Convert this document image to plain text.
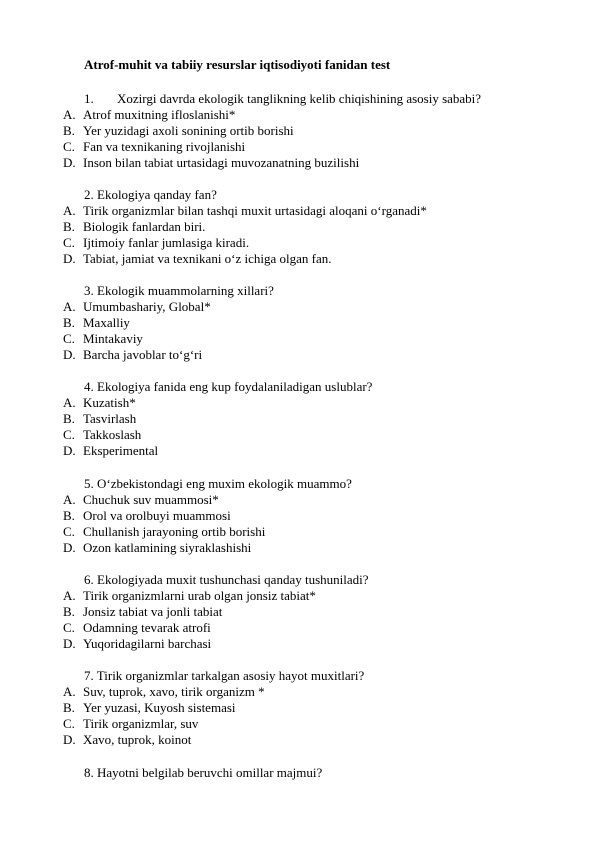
Atrof-muhit va tabiiy resurslar iqtisodiyoti fanidan test
1. Xozirgi davrda ekologik tanglikning kelib chiqishining asosiy sababi?
A. Atrof muxitning ifloslanishi*
B. Yer yuzidagi axoli sonining ortib borishi
C. Fan va texnikaning rivojlanishi
D. Inson bilan tabiat urtasidagi muvozanatning buzilishi
2. Ekologiya qanday fan?
A. Tirik organizmlar bilan tashqi muxit urtasidagi aloqani o‘rganadi*
B. Biologik fanlardan biri.
C. Ijtimoiy fanlar jumlasiga kiradi.
D. Tabiat, jamiat va texnikani o‘z ichiga olgan fan.
3. Ekologik muammolarning xillari?
A. Umumbashariy, Global*
B. Maxalliy
C. Mintakaviy
D. Barcha javoblar to‘g‘ri
4. Ekologiya fanida eng kup foydalaniladigan uslublar?
A. Kuzatish*
B. Tasvirlash
C. Takkoslash
D. Eksperimental
5. O‘zbekistondagi eng muxim ekologik muammo?
A. Chuchuk suv muammosi*
B. Orol va orolbuyi muammosi
C. Chullanish jarayoning ortib borishi
D. Ozon katlamining siyraklashishi
6. Ekologiyada muxit tushunchasi qanday tushuniladi?
A. Tirik organizmlarni urab olgan jonsiz tabiat*
B. Jonsiz tabiat va jonli tabiat
C. Odamning tevarak atrofi
D. Yuqoridagilarni barchasi
7. Tirik organizmlar tarkalgan asosiy hayot muxitlari?
A. Suv, tuprok, xavo, tirik organizm *
B. Yer yuzasi, Kuyosh sistemasi
C. Tirik organizmlar, suv
D. Xavo, tuprok, koinot
8. Hayotni belgilab beruvchi omillar majmui?
